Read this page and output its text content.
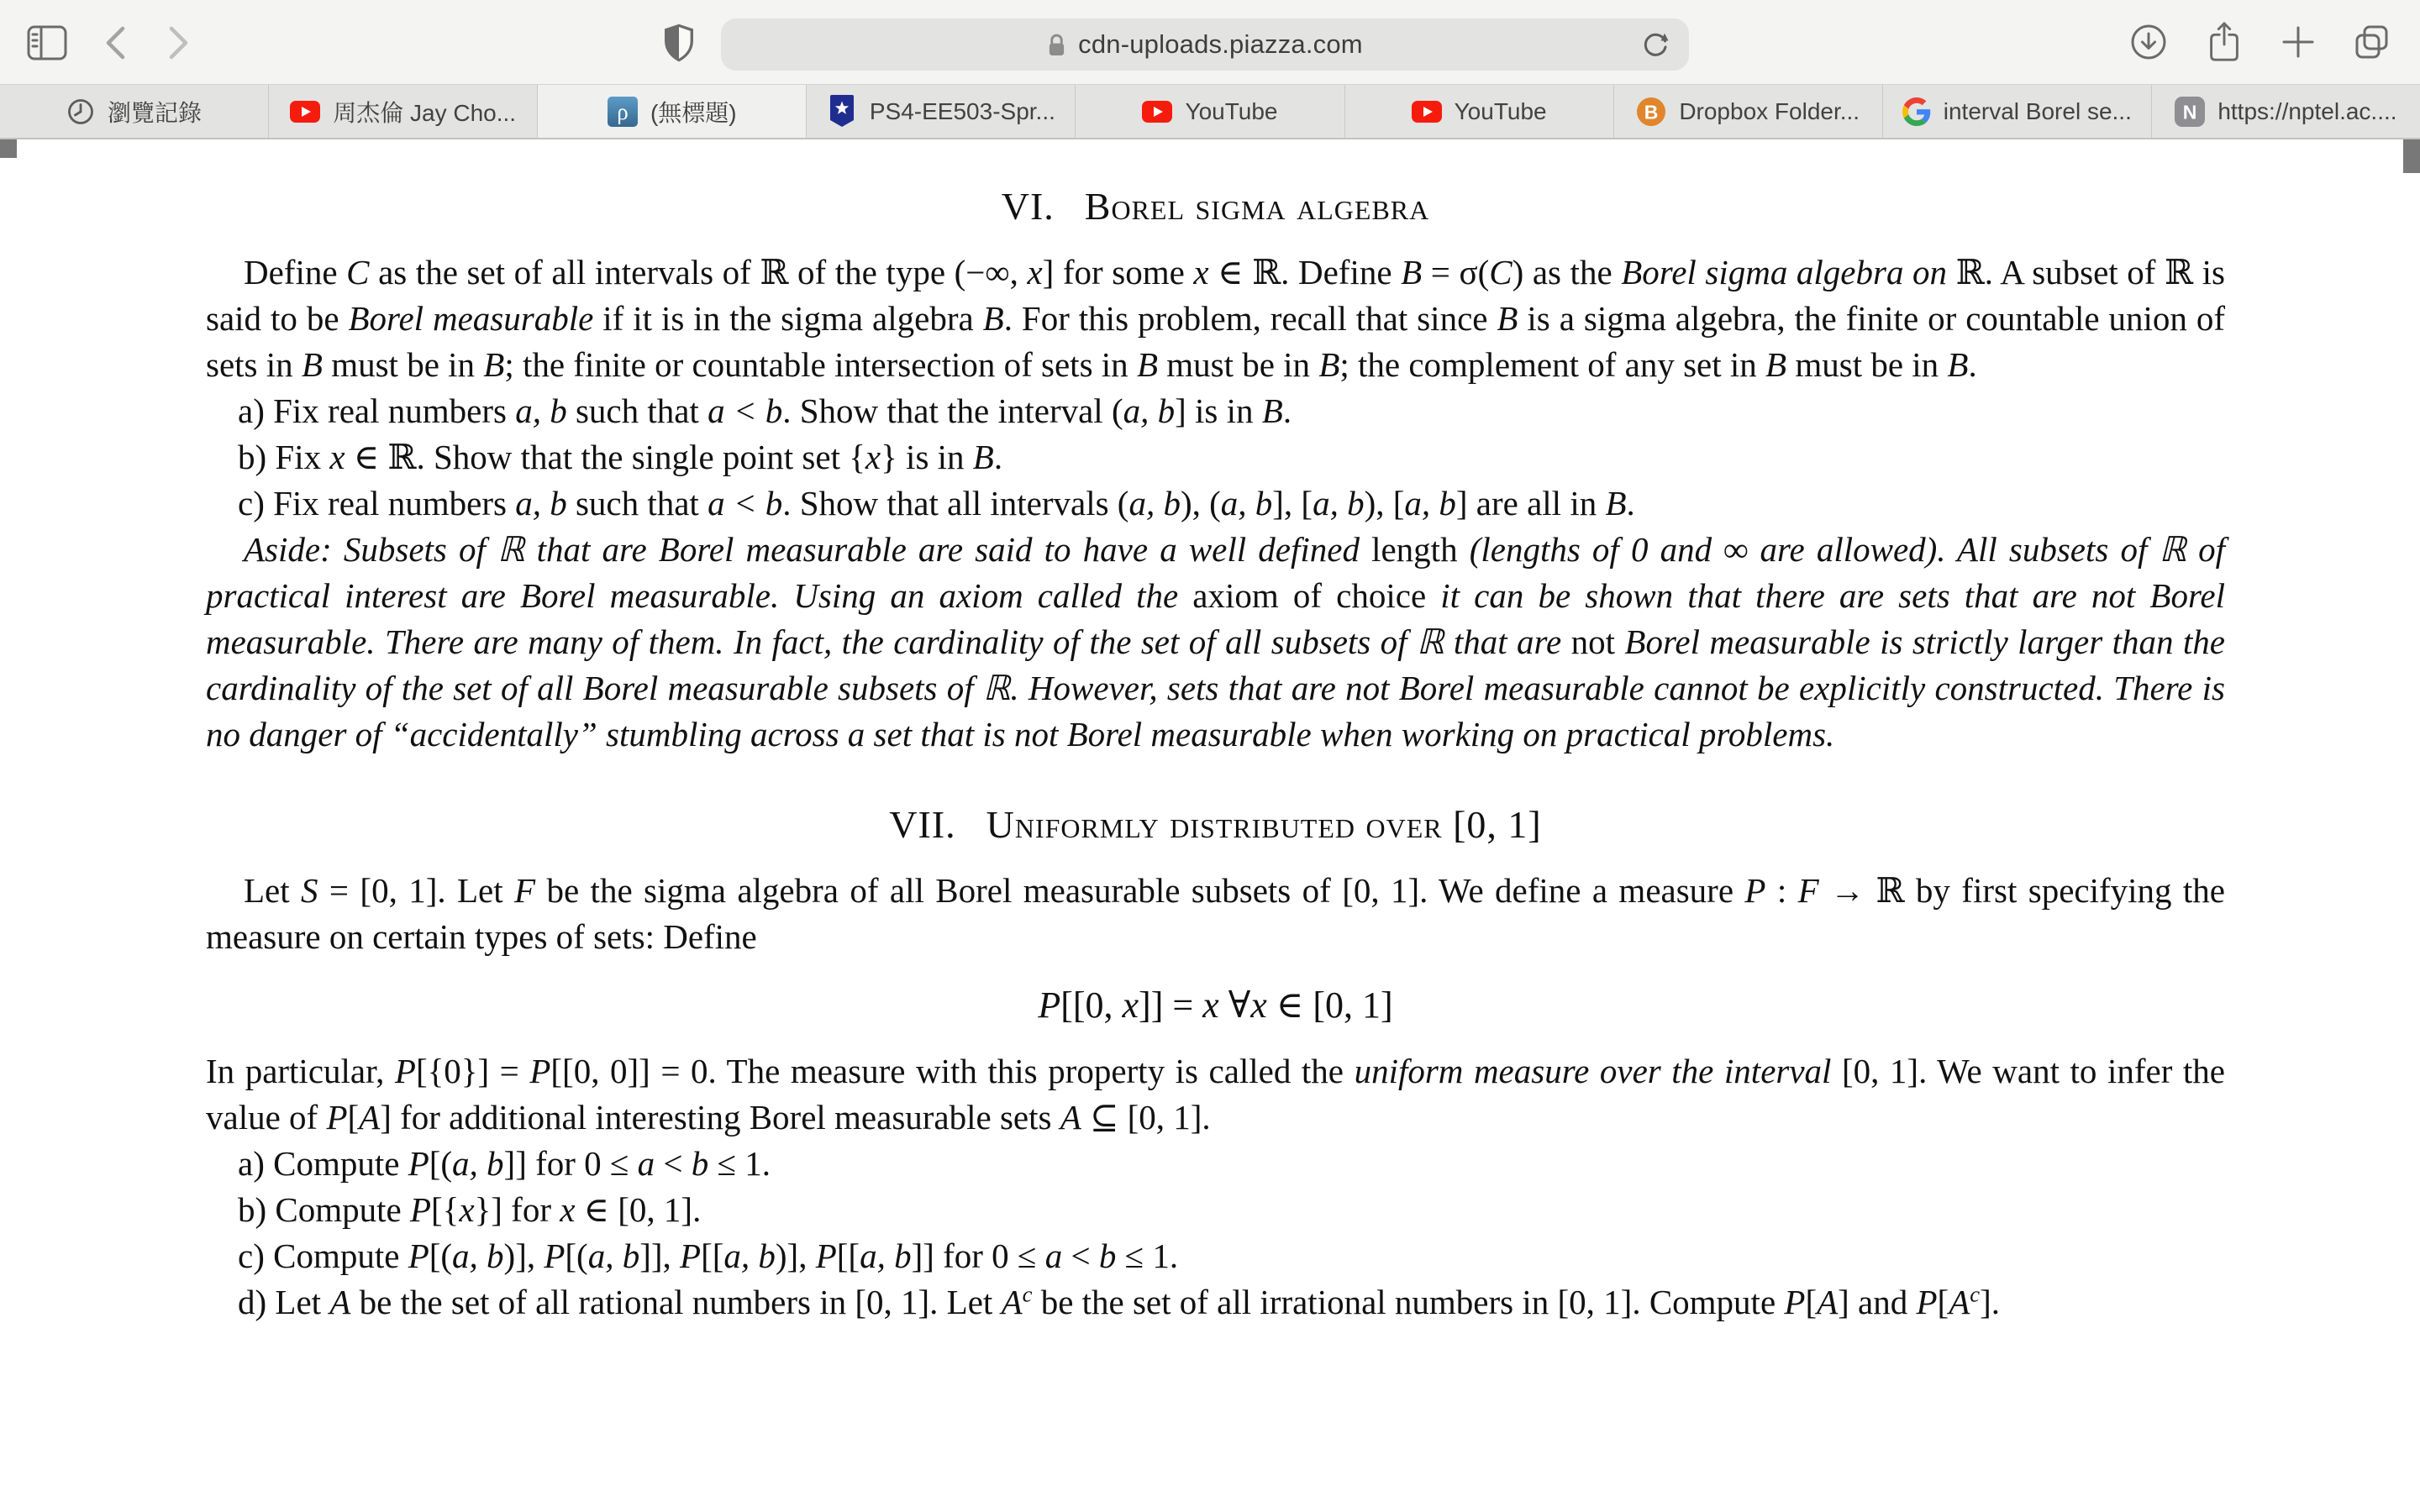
cdn-uploads.piazza.com
瀏覽記錄	周杰倫 Jay Cho...	ρ (無標題)	PS4-EE503-Spr...	YouTube	YouTube	B Dropbox Folder...	interval Borel se...	N https://nptel.ac....
VI. Borel sigma algebra

Define C as the set of all intervals of ℝ of the type (−∞, x] for some x ∈ ℝ. Define B = σ(C) as the Borel sigma algebra on ℝ. A subset of ℝ is said to be Borel measurable if it is in the sigma algebra B. For this problem, recall that since B is a sigma algebra, the finite or countable union of sets in B must be in B; the finite or countable intersection of sets in B must be in B; the complement of any set in B must be in B.

a) Fix real numbers a, b such that a < b. Show that the interval (a, b] is in B.

b) Fix x ∈ ℝ. Show that the single point set {x} is in B.

c) Fix real numbers a, b such that a < b. Show that all intervals (a, b), (a, b], [a, b), [a, b] are all in B.

Aside: Subsets of ℝ that are Borel measurable are said to have a well defined length (lengths of 0 and ∞ are allowed). All subsets of ℝ of practical interest are Borel measurable. Using an axiom called the axiom of choice it can be shown that there are sets that are not Borel measurable. There are many of them. In fact, the cardinality of the set of all subsets of ℝ that are not Borel measurable is strictly larger than the cardinality of the set of all Borel measurable subsets of ℝ. However, sets that are not Borel measurable cannot be explicitly constructed. There is no danger of “accidentally” stumbling across a set that is not Borel measurable when working on practical problems.

VII. Uniformly distributed over [0, 1]

Let S = [0, 1]. Let F be the sigma algebra of all Borel measurable subsets of [0, 1]. We define a measure P : F → ℝ by first specifying the measure on certain types of sets: Define

P[[0, x]] = x ∀x ∈ [0, 1]

In particular, P[{0}] = P[[0, 0]] = 0. The measure with this property is called the uniform measure over the interval [0, 1]. We want to infer the value of P[A] for additional interesting Borel measurable sets A ⊆ [0, 1].

a) Compute P[(a, b]] for 0 ≤ a < b ≤ 1.

b) Compute P[{x}] for x ∈ [0, 1].

c) Compute P[(a, b)], P[(a, b]], P[[a, b)], P[[a, b]] for 0 ≤ a < b ≤ 1.

d) Let A be the set of all rational numbers in [0, 1]. Let $A^c$ be the set of all irrational numbers in [0, 1]. Compute P[A] and $P[A^c]$.
